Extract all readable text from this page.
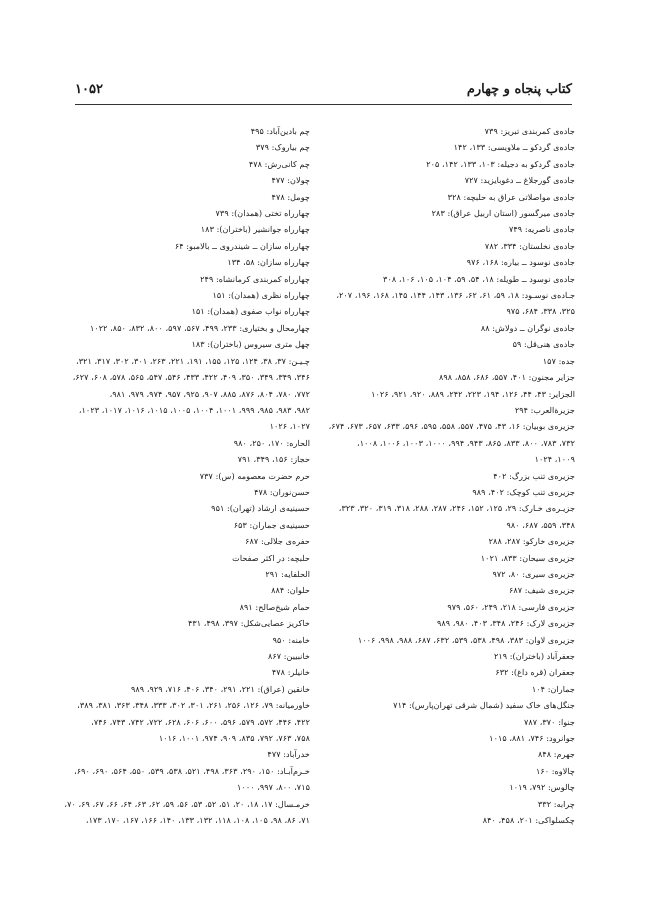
۱۰۵۲	کتاب پنجاه و چهارم
جاده‌ی کمربندی تبریز: ۷۳۹
جاده‌ی گردکو ــ ملاویسی: ۱۳۳، ۱۴۲
جاده‌ی گردکو به دجیله: ۱۰۳، ۱۳۳، ۱۴۲، ۲۰۵
جاده‌ی گورجلاغ ــ دغوبایزید: ۷۲۷
جاده‌ی مواصلاتی عراق به حلبچه: ۳۲۸
جاده‌ی میرگسور (استان اربیل عراق): ۲۸۳
جاده‌ی ناصریه: ۷۴۹
جاده‌ی نخلستان: ۳۳۴، ۷۸۲
جاده‌ی نوسود ــ بیاره: ۱۶۸، ۹۷۶
جاده‌ی نوسود ــ طویله: ۱۸، ۵۴، ۵۹، ۱۰۴، ۱۰۵، ۱۰۶، ۳۰۸
جـاده‌ی نوسـود: ۱۸، ۵۹، ۶۱، ۶۲، ۱۳۶، ۱۴۳، ۱۴۴، ۱۴۵، ۱۶۸، ۱۹۶، ۲۰۷،
۳۲۵، ۳۳۸، ۶۸۴، ۹۷۵
جاده‌ی نوگران ــ دولاش: ۸۸
جاده‌ی هنی‌قل: ۵۹
جده: ۱۵۷
جزایر مجنون: ۴۰۱، ۵۵۷، ۶۸۶، ۸۵۸، ۸۹۸
الجزایر: ۴۳، ۴۴، ۱۲۶، ۱۹۴، ۲۲۳، ۲۴۲، ۸۸۹، ۹۲۰، ۹۲۱، ۱۰۲۶
جزیرةالعرب: ۲۹۴
جزیره‌ی بوبیان: ۱۶، ۴۳، ۴۷۵، ۵۵۷، ۵۵۸، ۵۹۵، ۵۹۶، ۶۳۳، ۶۵۷، ۶۷۳، ۶۷۴،
۷۳۲، ۷۸۳، ۸۰۰، ۸۳۳، ۸۶۵، ۹۴۳، ۹۹۴، ۱۰۰۰، ۱۰۰۳، ۱۰۰۶، ۱۰۰۸،
۱۰۰۹، ۱۰۲۴
جزیره‌ی تنب بزرگ: ۴۰۲
جزیره‌ی تنب کوچک: ۴۰۲، ۹۸۹
جزیـره‌ی خـارک: ۲۹، ۱۲۵، ۱۵۲، ۲۴۶، ۲۸۷، ۲۸۸، ۳۱۸، ۳۱۹، ۳۲۰، ۳۲۳،
۳۴۸، ۵۵۹، ۶۸۷، ۹۸۰
جزیره‌ی خارکو: ۲۸۷، ۲۸۸
جزیره‌ی سیحان: ۸۳۳، ۱۰۲۱
جزیره‌ی سیری: ۸۰، ۹۷۲
جزیره‌ی شیف: ۶۸۷
جزیره‌ی فارسی: ۲۱۸، ۲۴۹، ۵۶۰، ۹۷۹
جزیره‌ی لارک: ۲۴۶، ۳۴۸، ۴۰۳، ۹۸۰، ۹۸۹
جزیره‌ی لاوان: ۳۸۳، ۴۹۸، ۵۳۸، ۵۳۹، ۶۳۲، ۶۸۷، ۹۸۸، ۹۹۸، ۱۰۰۶
جعفرآباد (باختران): ۲۱۹
جعفران (قره داغ): ۶۳۲
جماران: ۱۰۴
جنگل‌های خاک سفید (شمال شرقی تهران‌پارس): ۷۱۴
جنوا: ۳۷۰، ۷۸۷
جوانرود: ۷۴۶، ۸۸۱، ۱۰۱۵
جهرم: ۸۴۸
چالاوه: ۱۶۰
چالوس: ۷۹۲، ۱۰۱۹
چرابه: ۳۳۲
چکسلواکی: ۲۰۱، ۴۵۸، ۸۴۰
چم بادین‌آباد: ۴۹۵
چم بیاروک: ۳۷۹
چم کانی‌رش: ۴۷۸
چولان: ۴۷۷
چومل: ۴۷۸
چهارراه تختی (همدان): ۷۳۹
چهارراه جوانشیر (باختران): ۱۸۳
چهارراه سازان ــ شیندروی ــ بالامبو: ۶۴
چهارراه سازان: ۵۸، ۱۳۴
چهارراه کمربندی کرمانشاه: ۲۴۹
چهارراه نظری (همدان): ۱۵۱
چهارراه نواب صفوی (همدان): ۱۵۱
چهارمحال و بختیاری: ۲۳۳، ۴۹۹، ۵۶۷، ۵۹۷، ۸۰۰، ۸۳۲، ۸۵۰، ۱۰۲۲
چهل متری سیروس (باختران): ۱۸۳
چـیـن: ۳۷، ۳۸، ۱۲۴، ۱۲۵، ۱۵۵، ۱۹۱، ۲۲۱، ۲۶۳، ۳۰۱، ۳۰۲، ۳۱۷، ۳۲۱،
۳۴۶، ۳۴۹، ۳۴۹، ۳۵۰، ۴۰۹، ۴۲۲، ۴۳۳، ۵۴۶، ۵۴۷، ۵۶۵، ۵۷۸، ۶۰۸، ۶۲۷،
۷۷۲، ۷۸۰، ۸۰۴، ۸۷۶، ۸۸۵، ۹۰۷، ۹۲۵، ۹۵۷، ۹۷۴، ۹۷۹، ۹۸۱،
۹۸۲، ۹۸۳، ۹۸۵، ۹۹۹، ۱۰۰۱، ۱۰۰۴، ۱۰۰۵، ۱۰۱۵، ۱۰۱۶، ۱۰۱۷، ۱۰۲۳،
۱۰۲۷، ۱۰۲۶
الحاره: ۱۷۰، ۲۵۰، ۹۸۰
حجاز: ۱۵۶، ۳۴۹، ۷۹۱
حرم حضرت معصومه (س): ۷۳۷
حسن‌نوران: ۴۷۸
حسینیه‌ی ارشاد (تهران): ۹۵۱
حسینیه‌ی جماران: ۶۵۳
حفره‌ی جلالی: ۶۸۷
حلبچه: در اکثر صفحات
الحلفایه: ۲۹۱
حلوان: ۸۸۴
حمام شیخ‌صالح: ۸۹۱
خاکریز عصایی‌شکل: ۳۹۷، ۴۹۸، ۴۳۱
خامنه: ۹۵۰
خانبیین: ۸۶۷
خانیلر: ۴۷۸
خانقین (عراق): ۲۲۱، ۲۹۱، ۳۴۰، ۴۰۶، ۷۱۶، ۹۲۹، ۹۸۹
خاورمیانه: ۷۹، ۱۲۶، ۲۵۶، ۲۶۱، ۳۰۱، ۳۰۲، ۳۳۳، ۳۴۸، ۳۶۳، ۳۸۱، ۳۸۹،
۴۲۲، ۴۴۶، ۵۷۲، ۵۷۹، ۵۹۶، ۶۰۰، ۶۰۶، ۶۲۸، ۷۲۲، ۷۴۲، ۷۴۳، ۷۴۶،
۷۵۸، ۷۶۳، ۷۹۲، ۸۳۵، ۹۰۹، ۹۷۴، ۱۰۰۱، ۱۰۱۶
خدرآباد: ۴۷۷
خـرم‌آبـاد: ۱۵۰، ۲۹۰، ۳۶۳، ۴۹۸، ۵۲۱، ۵۳۸، ۵۳۹، ۵۵۰، ۵۶۴، ۶۹۰، ۶۹۰،
۷۱۵، ۸۰۰، ۹۹۷، ۱۰۰۰
خرمـسال: ۱۷، ۱۸، ۲۰، ۵۱، ۵۲، ۵۳، ۵۶، ۵۹، ۶۲، ۶۳، ۶۴، ۶۶، ۶۷، ۶۹، ۷۰،
۷۱، ۸۶، ۹۸، ۱۰۵، ۱۰۸، ۱۱۸، ۱۳۲، ۱۳۳، ۱۴۰، ۱۶۶، ۱۶۷، ۱۷۰، ۱۷۳،
